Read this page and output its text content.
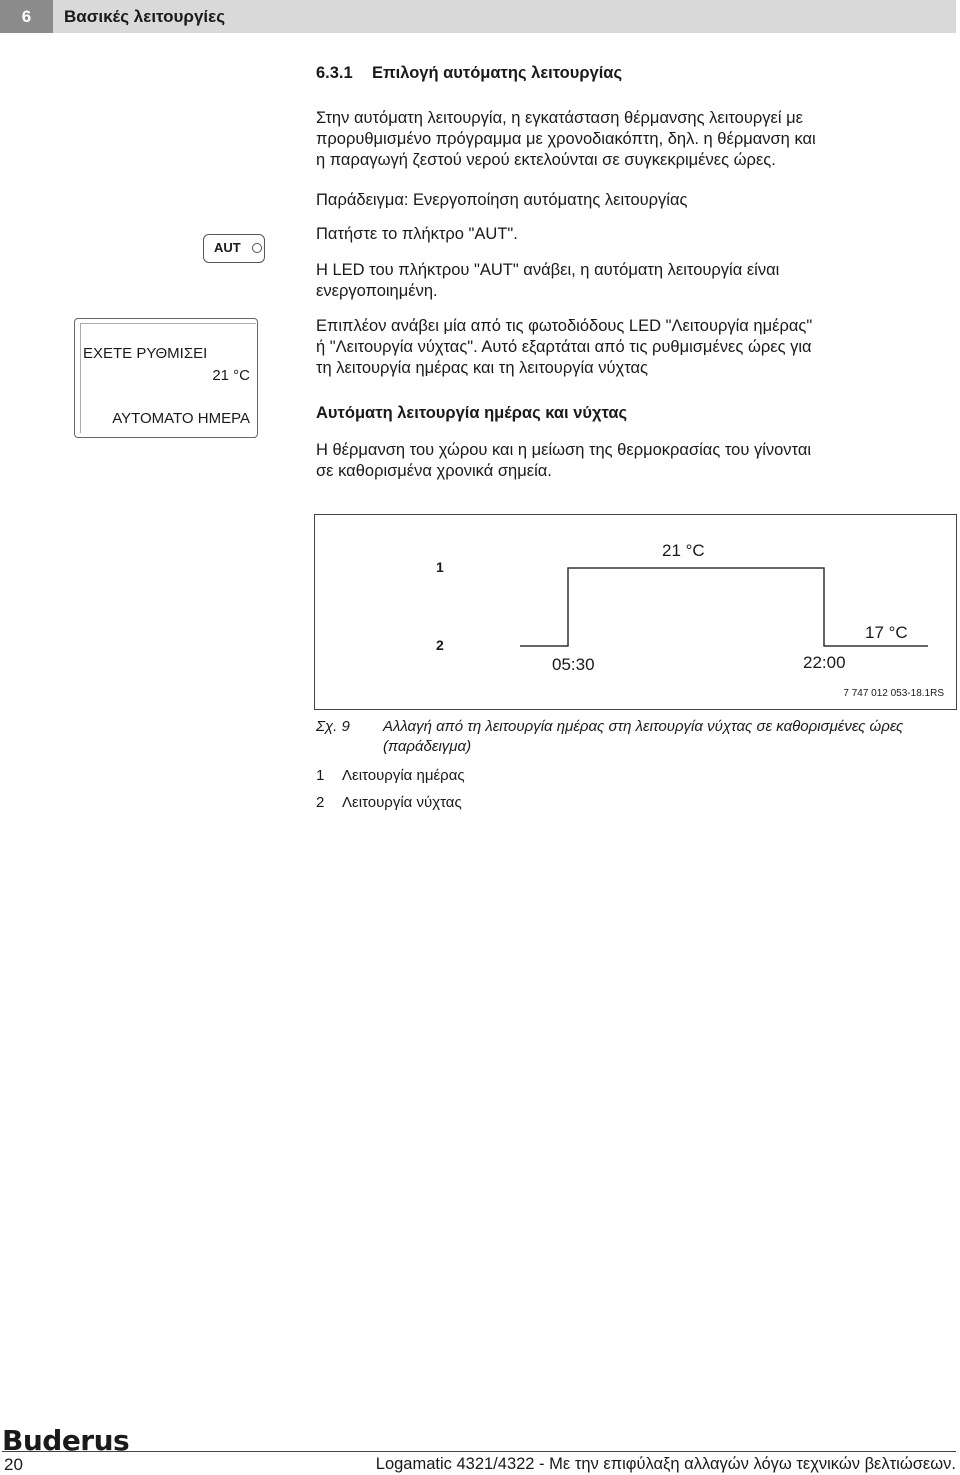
6	Βασικές λειτουργίες
6.3.1 Επιλογή αυτόματης λειτουργίας
Στην αυτόματη λειτουργία, η εγκατάσταση θέρμανσης λειτουργεί με
προρυθμισμένο πρόγραμμα με χρονοδιακόπτη, δηλ. η θέρμανση και
η παραγωγή ζεστού νερού εκτελούνται σε συγκεκριμένες ώρες.
Παράδειγμα: Ενεργοποίηση αυτόματης λειτουργίας
Πατήστε το πλήκτρο "AUT".
Η LED του πλήκτρου "AUT" ανάβει, η αυτόματη λειτουργία είναι
ενεργοποιημένη.
Επιπλέον ανάβει μία από τις φωτοδιόδους LED "Λειτουργία ημέρας"
ή "Λειτουργία νύχτας". Αυτό εξαρτάται από τις ρυθμισμένες ώρες για
τη λειτουργία ημέρας και τη λειτουργία νύχτας
Αυτόματη λειτουργία ημέρας και νύχτας
Η θέρμανση του χώρου και η μείωση της θερμοκρασίας του γίνονται
σε καθορισμένα χρονικά σημεία.
AUT
ΕΧΕΤΕ ΡΥΘΜΙΣΕΙ
21 °C
ΑΥΤΟΜΑΤΟ ΗΜΕΡΑ
1
2
21 °C
17 °C
05:30	22:00
7 747 012 053-18.1RS
Σχ. 9 Αλλαγή από τη λειτουργία ημέρας στη λειτουργία νύχτας σε καθορισμένες ώρες
(παράδειγμα)
1 Λειτουργία ημέρας
2 Λειτουργία νύχτας
Buderus
20	Logamatic 4321/4322 - Με την επιφύλαξη αλλαγών λόγω τεχνικών βελτιώσεων.
